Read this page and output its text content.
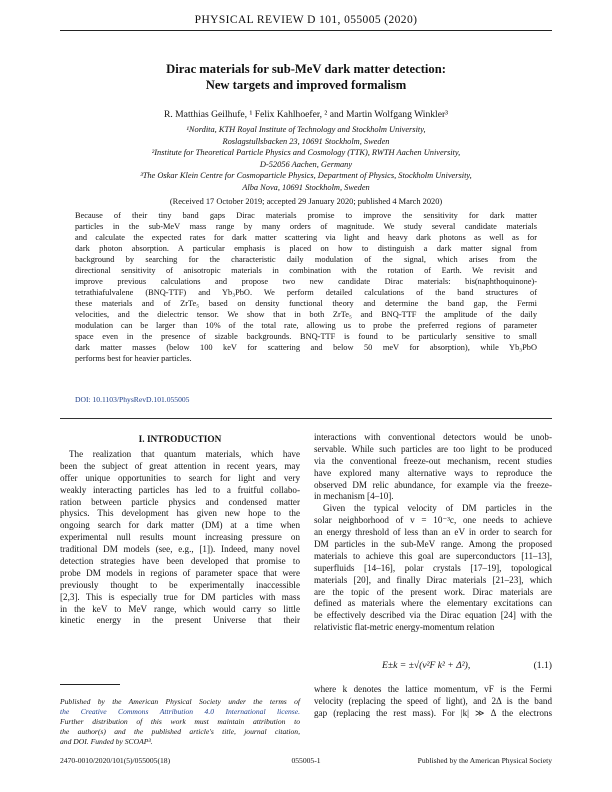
PHYSICAL REVIEW D 101, 055005 (2020)
Dirac materials for sub-MeV dark matter detection:
New targets and improved formalism
R. Matthias Geilhufe, ¹ Felix Kahlhoefer, ² and Martin Wolfgang Winkler³
¹Nordita, KTH Royal Institute of Technology and Stockholm University,
Roslagstullsbacken 23, 10691 Stockholm, Sweden
²Institute for Theoretical Particle Physics and Cosmology (TTK), RWTH Aachen University,
D-52056 Aachen, Germany
³The Oskar Klein Centre for Cosmoparticle Physics, Department of Physics, Stockholm University,
Alba Nova, 10691 Stockholm, Sweden
(Received 17 October 2019; accepted 29 January 2020; published 4 March 2020)
Because of their tiny band gaps Dirac materials promise to improve the sensitivity for dark matter
particles in the sub-MeV mass range by many orders of magnitude. We study several candidate materials
and calculate the expected rates for dark matter scattering via light and heavy dark photons as well as for
dark photon absorption. A particular emphasis is placed on how to distinguish a dark matter signal from
background by searching for the characteristic daily modulation of the signal, which arises from the
directional sensitivity of anisotropic materials in combination with the rotation of Earth. We revisit and
improve previous calculations and propose two new candidate Dirac materials: bis(naphthoquinone)-
tetrathiafulvalene (BNQ-TTF) and Yb₃PbO. We perform detailed calculations of the band structures of
these materials and of ZrTe₅ based on density functional theory and determine the band gap, the Fermi
velocities, and the dielectric tensor. We show that in both ZrTe₅ and BNQ-TTF the amplitude of the daily
modulation can be larger than 10% of the total rate, allowing us to probe the preferred regions of parameter
space even in the presence of sizable backgrounds. BNQ-TTF is found to be particularly sensitive to small
dark matter masses (below 100 keV for scattering and below 50 meV for absorption), while Yb₃PbO
performs best for heavier particles.
DOI: 10.1103/PhysRevD.101.055005
I. INTRODUCTION
The realization that quantum materials, which have
been the subject of great attention in recent years, may
offer unique opportunities to search for light and very
weakly interacting particles has led to a fruitful collabo-
ration between particle physics and condensed matter
physics. This development has given new hope to the
ongoing search for dark matter (DM) at a time when
experimental null results mount increasing pressure on
traditional DM models (see, e.g., [1]). Indeed, many novel
detection strategies have been developed that promise to
probe DM models in regions of parameter space that were
previously thought to be experimentally inaccessible
[2,3]. This is especially true for DM particles with mass
in the keV to MeV range, which would carry so little
kinetic energy in the present Universe that their
interactions with conventional detectors would be unob-
servable. While such particles are too light to be produced
via the conventional freeze-out mechanism, recent studies
have explored many alternative ways to reproduce the
observed DM relic abundance, for example via the freeze-
in mechanism [4–10].
Given the typical velocity of DM particles in the
solar neighborhood of v = 10⁻³c, one needs to achieve
an energy threshold of less than an eV in order to search for
DM particles in the sub-MeV range. Among the proposed
materials to achieve this goal are superconductors [11–13],
superfluids [14–16], polar crystals [17–19], topological
materials [20], and finally Dirac materials [21–23], which
are the topic of the present work. Dirac materials are
defined as materials where the elementary excitations can
be effectively described via the Dirac equation [24] with the
relativistic flat-metric energy-momentum relation
E±k = ±√(v²F k² + Δ²),	(1.1)
where k denotes the lattice momentum, vF is the Fermi
velocity (replacing the speed of light), and 2Δ is the band
gap (replacing the rest mass). For |k| ≫ Δ the electrons
Published by the American Physical Society under the terms of
the Creative Commons Attribution 4.0 International license.
Further distribution of this work must maintain attribution to
the author(s) and the published article's title, journal citation,
and DOI. Funded by SCOAP³.
2470-0010/2020/101(5)/055005(18)	055005-1	Published by the American Physical Society
